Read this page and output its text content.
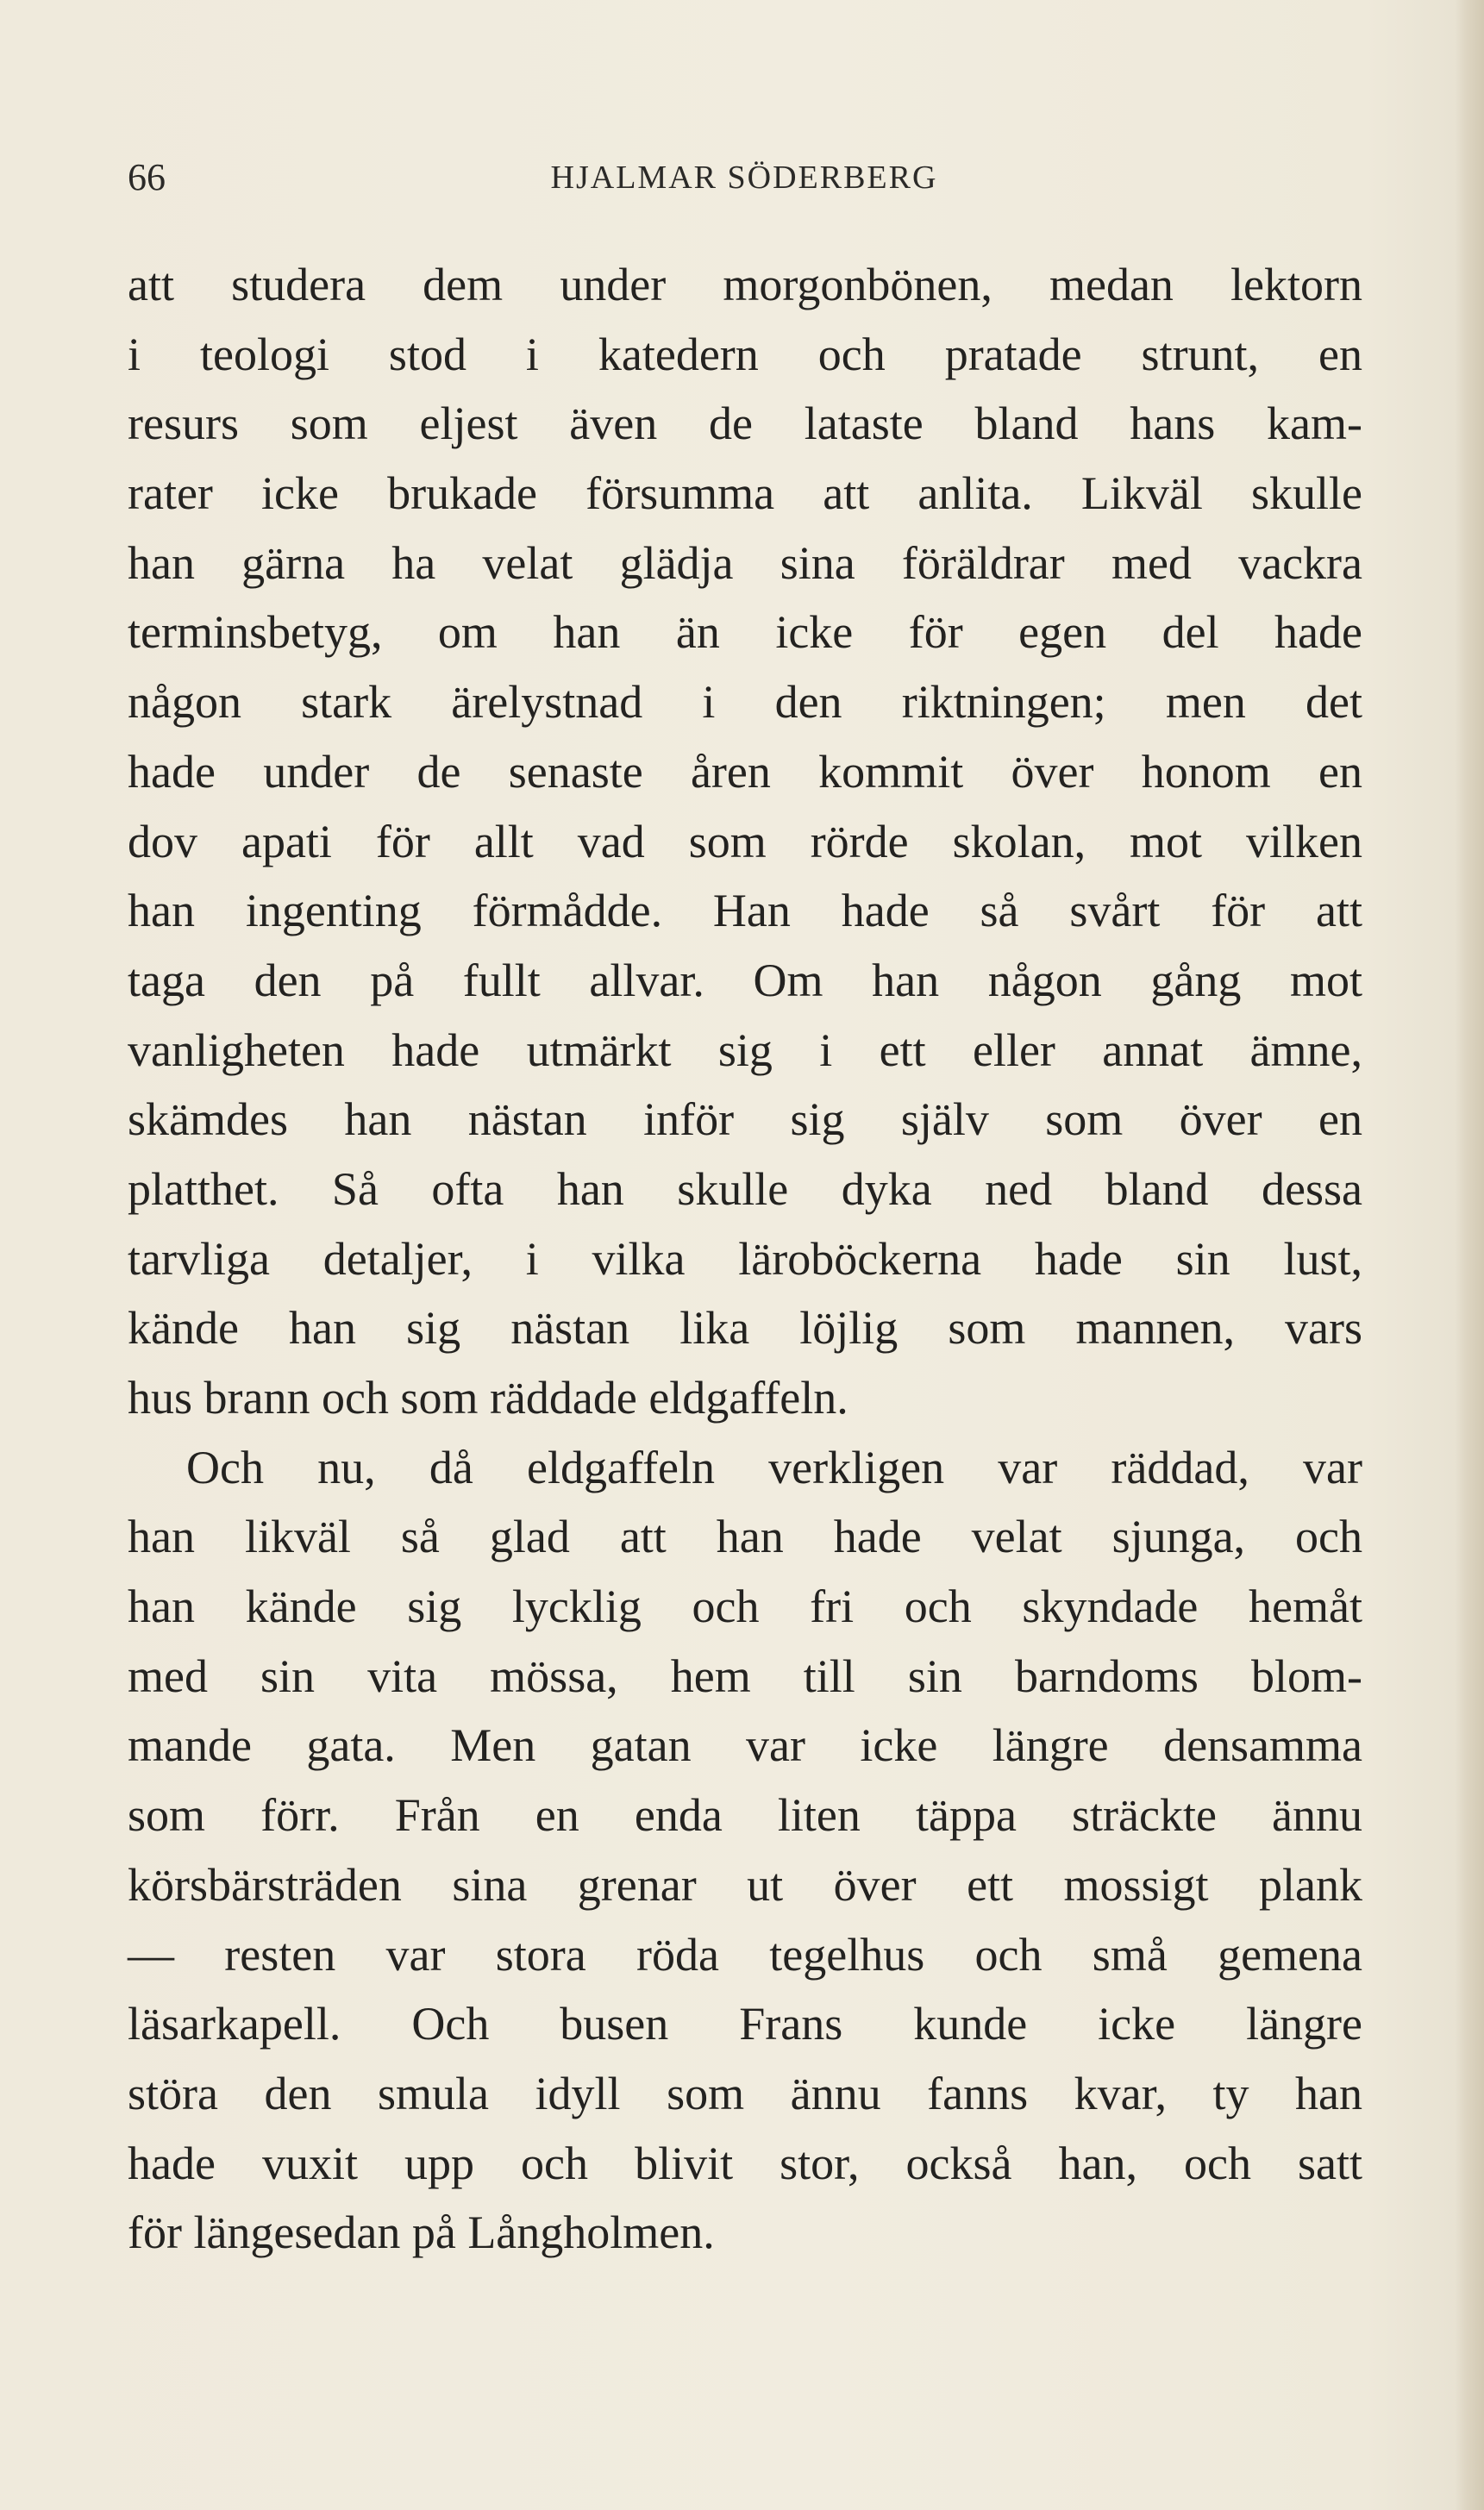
66	HJALMAR SÖDERBERG
att studera dem under morgonbönen, medan lektorn
i teologi stod i katedern och pratade strunt, en
resurs som eljest även de lataste bland hans kam-
rater icke brukade försumma att anlita. Likväl skulle
han gärna ha velat glädja sina föräldrar med vackra
terminsbetyg, om han än icke för egen del hade
någon stark ärelystnad i den riktningen; men det
hade under de senaste åren kommit över honom en
dov apati för allt vad som rörde skolan, mot vilken
han ingenting förmådde. Han hade så svårt för att
taga den på fullt allvar. Om han någon gång mot
vanligheten hade utmärkt sig i ett eller annat ämne,
skämdes han nästan inför sig själv som över en
platthet. Så ofta han skulle dyka ned bland dessa
tarvliga detaljer, i vilka läroböckerna hade sin lust,
kände han sig nästan lika löjlig som mannen, vars
hus brann och som räddade eldgaffeln.
Och nu, då eldgaffeln verkligen var räddad, var
han likväl så glad att han hade velat sjunga, och
han kände sig lycklig och fri och skyndade hemåt
med sin vita mössa, hem till sin barndoms blom-
mande gata. Men gatan var icke längre densamma
som förr. Från en enda liten täppa sträckte ännu
körsbärsträden sina grenar ut över ett mossigt plank
— resten var stora röda tegelhus och små gemena
läsarkapell. Och busen Frans kunde icke längre
störa den smula idyll som ännu fanns kvar, ty han
hade vuxit upp och blivit stor, också han, och satt
för längesedan på Långholmen.
